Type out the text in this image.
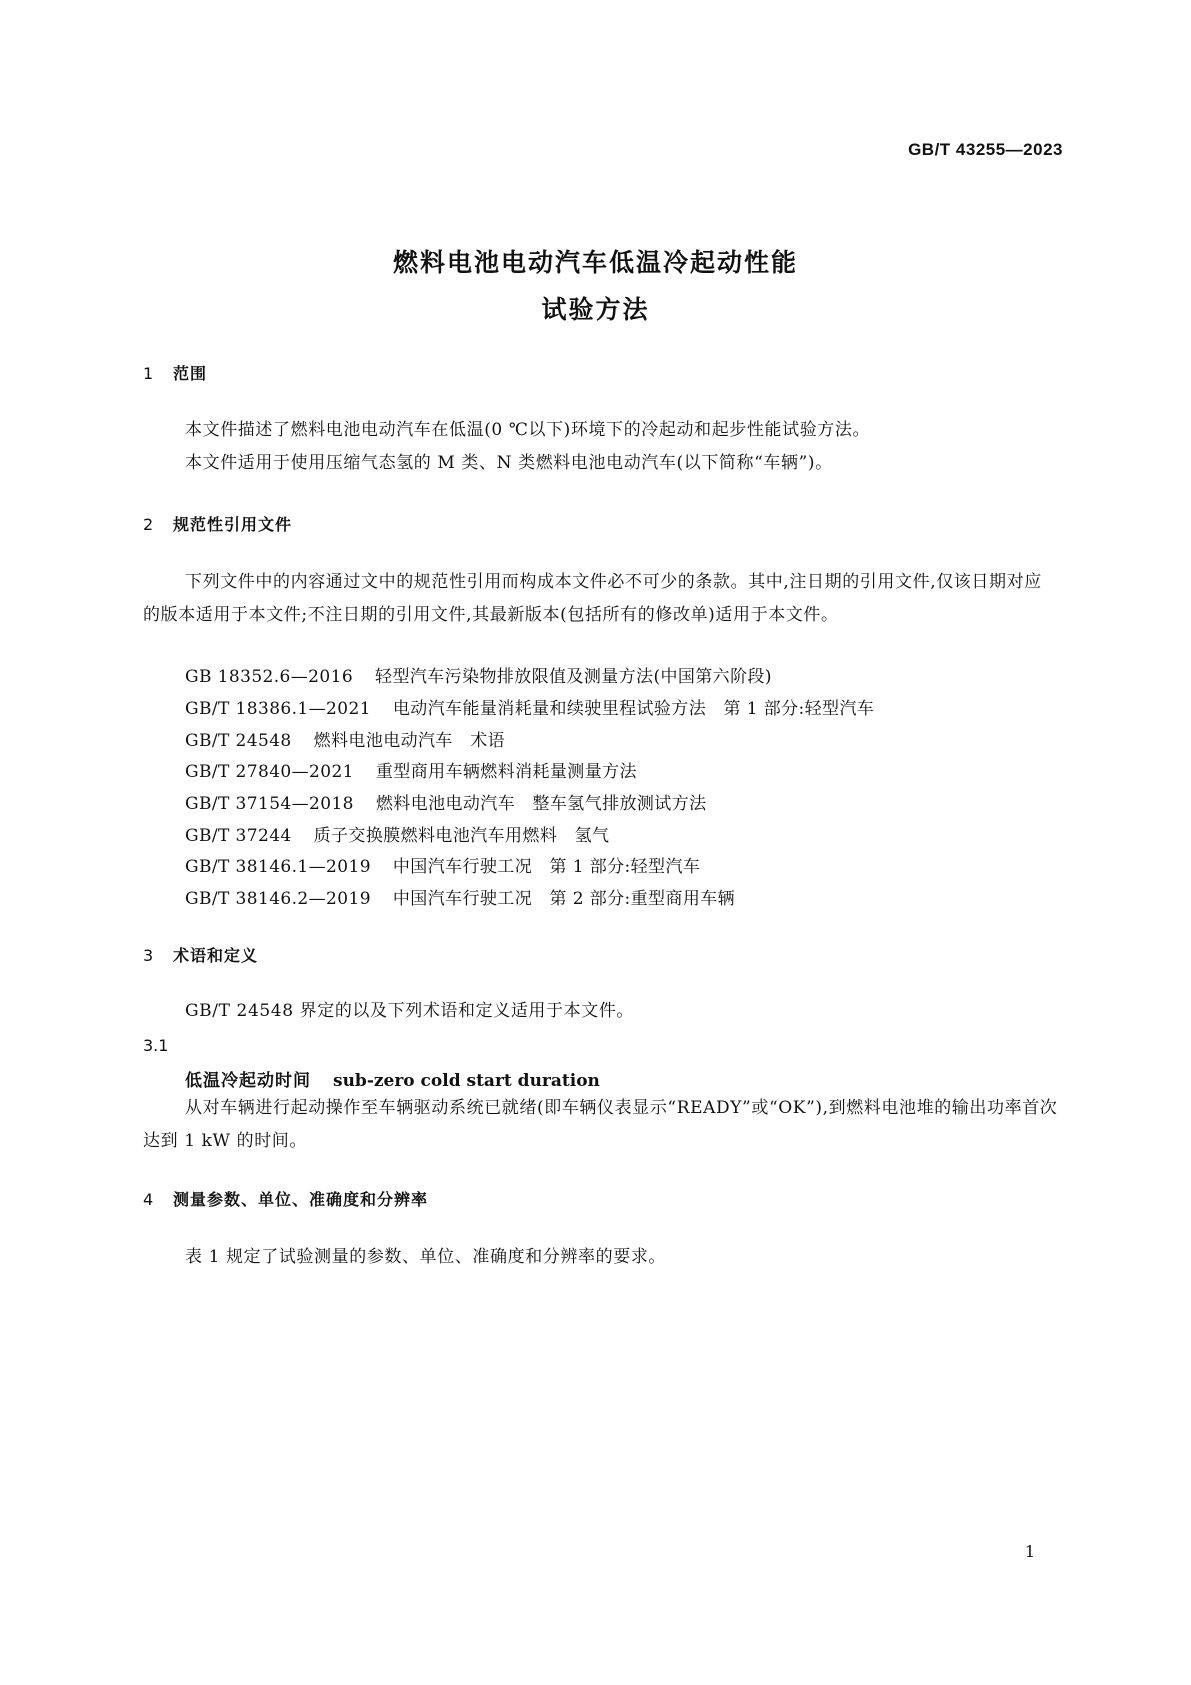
GB/T 43255—2023
燃料电池电动汽车低温冷起动性能
试验方法
1 范围
本文件描述了燃料电池电动汽车在低温(0 ℃以下)环境下的冷起动和起步性能试验方法。
本文件适用于使用压缩气态氢的 M 类、N 类燃料电池电动汽车(以下简称“车辆”)。
2 规范性引用文件
下列文件中的内容通过文中的规范性引用而构成本文件必不可少的条款。其中,注日期的引用文件,仅该日期对应的版本适用于本文件;不注日期的引用文件,其最新版本(包括所有的修改单)适用于本文件。
GB 18352.6—2016 轻型汽车污染物排放限值及测量方法(中国第六阶段)
GB/T 18386.1—2021 电动汽车能量消耗量和续驶里程试验方法　第 1 部分:轻型汽车
GB/T 24548 燃料电池电动汽车　术语
GB/T 27840—2021 重型商用车辆燃料消耗量测量方法
GB/T 37154—2018 燃料电池电动汽车　整车氢气排放测试方法
GB/T 37244 质子交换膜燃料电池汽车用燃料　氢气
GB/T 38146.1—2019 中国汽车行驶工况　第 1 部分:轻型汽车
GB/T 38146.2—2019 中国汽车行驶工况　第 2 部分:重型商用车辆
3 术语和定义
GB/T 24548 界定的以及下列术语和定义适用于本文件。
3.1
低温冷起动时间 sub-zero cold start duration
从对车辆进行起动操作至车辆驱动系统已就绪(即车辆仪表显示“READY”或“OK”),到燃料电池堆的输出功率首次达到 1 kW 的时间。
4 测量参数、单位、准确度和分辨率
表 1 规定了试验测量的参数、单位、准确度和分辨率的要求。
1
